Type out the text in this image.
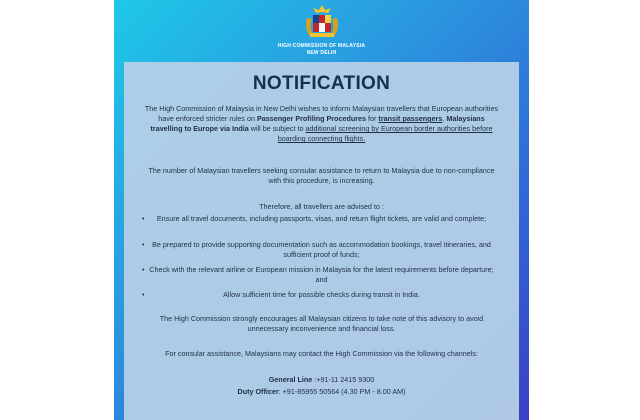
HIGH COMMISSION OF MALAYSIA
NEW DELHI
NOTIFICATION
The High Commission of Malaysia in New Delhi wishes to inform Malaysian travellers that European authorities have enforced stricter rules on Passenger Profiling Procedures for transit passengers. Malaysians travelling to Europe via India will be subject to additional screening by European border authorities before boarding connecting flights.
The number of Malaysian travellers seeking consular assistance to return to Malaysia due to non-compliance with this procedure, is increasing.
Therefore, all travellers are advised to :
• Ensure all travel documents, including passports, visas, and return flight tickets, are valid and complete;
• Be prepared to provide supporting documentation such as accommodation bookings, travel itineraries, and sufficient proof of funds;
• Check with the relevant airline or European mission in Malaysia for the latest requirements before departure; and
•	Allow sufficient time for possible checks during transit in India.
The High Commission strongly encourages all Malaysian citizens to take note of this advisory to avoid unnecessary inconvenience and financial loss.
For consular assistance, Malaysians may contact the High Commission via the following channels:
General Line :+91-11 2415 9300
Duty Officer: +91-85955 50564 (4.30 PM - 8.00 AM)
